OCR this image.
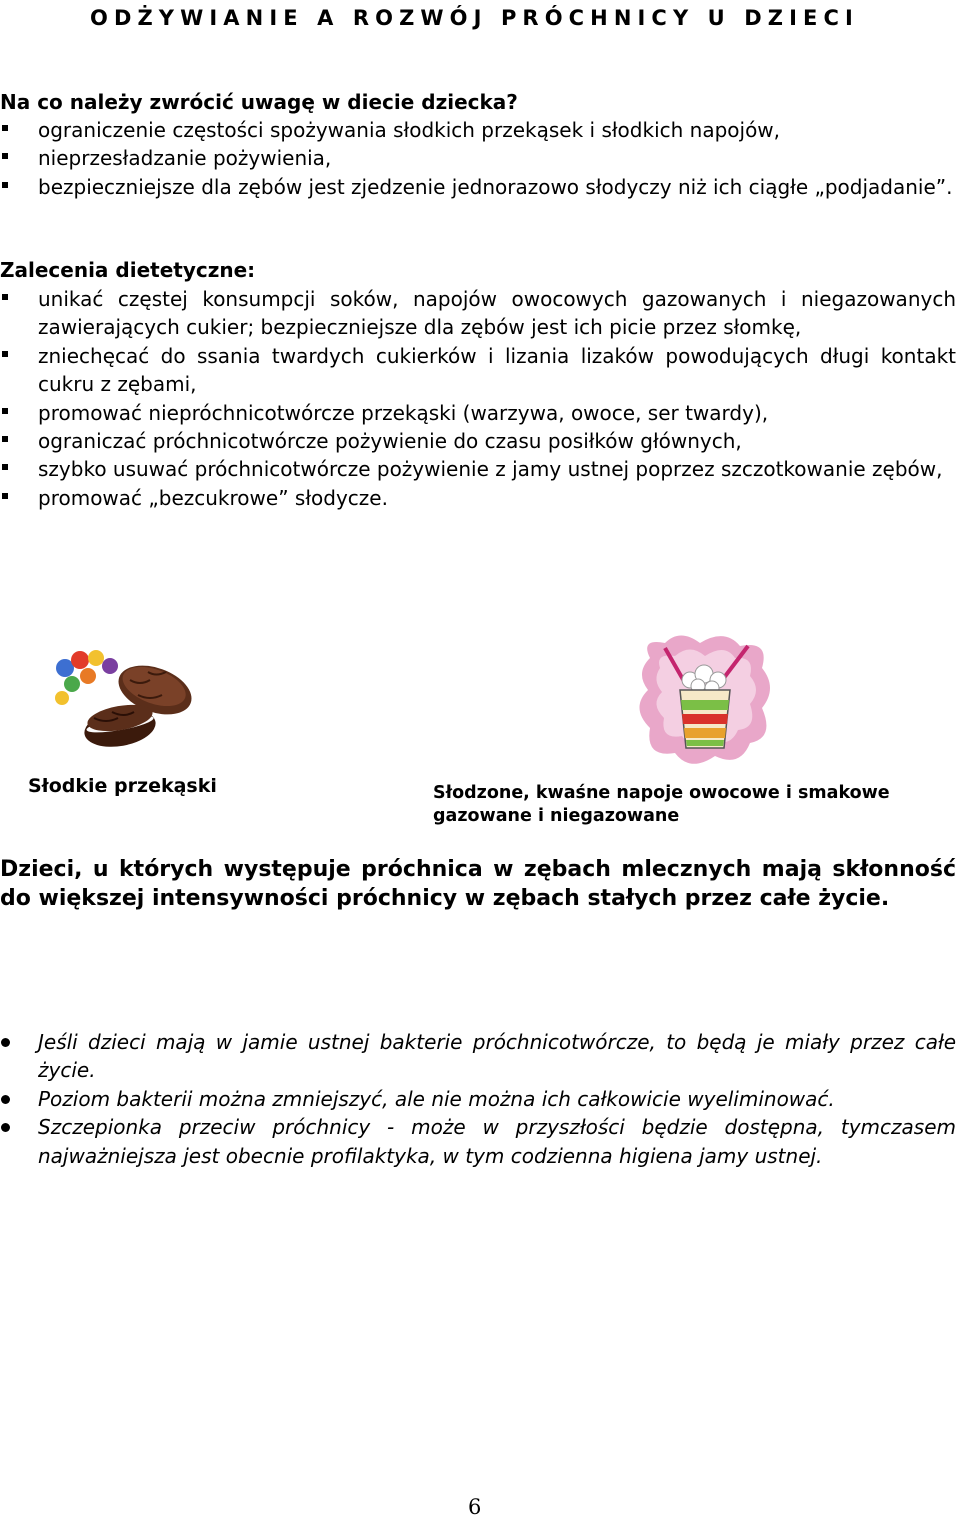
ODŻYWIANIE A ROZWÓJ PRÓCHNICY U DZIECI
Na co należy zwrócić uwagę w diecie dziecka?
ograniczenie częstości spożywania słodkich przekąsek i słodkich napojów,
nieprzesładzanie pożywienia,
bezpieczniejsze dla zębów jest zjedzenie jednorazowo słodyczy niż ich ciągłe „podjadanie”.
Zalecenia dietetyczne:
unikać częstej konsumpcji soków, napojów owocowych gazowanych i niegazowanych zawierających cukier; bezpieczniejsze dla zębów jest ich picie przez słomkę,
zniechęcać do ssania twardych cukierków i lizania lizaków powodujących długi kontakt cukru z zębami,
promować niepróchnicotwórcze przekąski (warzywa, owoce, ser twardy),
ograniczać próchnicotwórcze pożywienie do czasu posiłków głównych,
szybko usuwać próchnicotwórcze pożywienie z jamy ustnej poprzez szczotkowanie zębów,
promować „bezcukrowe” słodycze.

Słodkie przekąski	Słodzone, kwaśne napoje owocowe i smakowe gazowane i niegazowane

Dzieci, u których występuje próchnica w zębach mlecznych mają skłonność do większej intensywności próchnicy w zębach stałych przez całe życie.

Jeśli dzieci mają w jamie ustnej bakterie próchnicotwórcze, to będą je miały przez całe życie.
Poziom bakterii można zmniejszyć, ale nie można ich całkowicie wyeliminować.
Szczepionka przeciw próchnicy - może w przyszłości będzie dostępna, tymczasem najważniejsza jest obecnie profilaktyka, w tym codzienna higiena jamy ustnej.

6
